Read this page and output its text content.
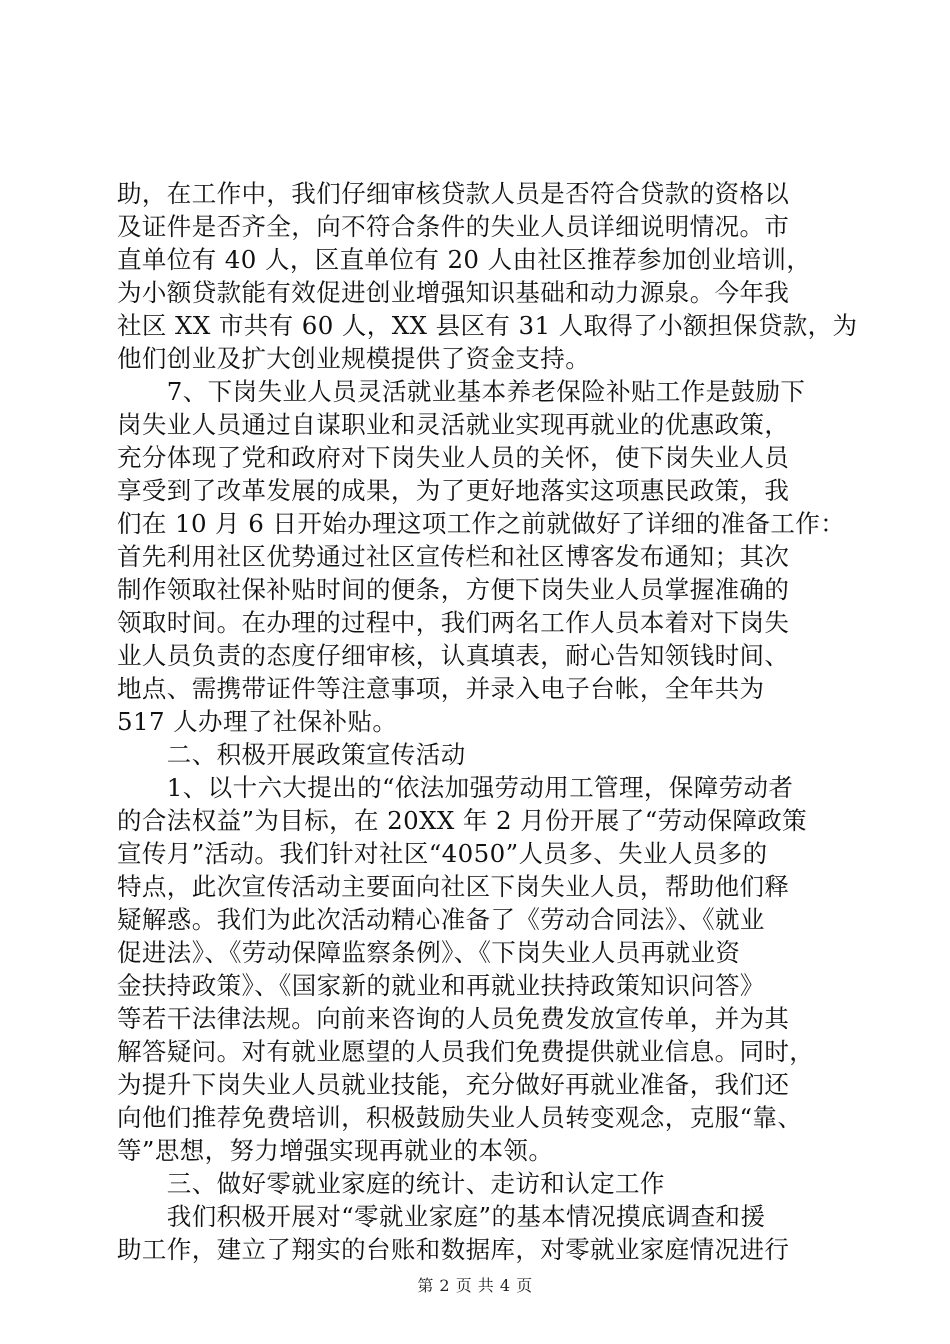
助，在工作中，我们仔细审核贷款人员是否符合贷款的资格以
及证件是否齐全，向不符合条件的失业人员详细说明情况。市
直单位有 40 人，区直单位有 20 人由社区推荐参加创业培训，
为小额贷款能有效促进创业增强知识基础和动力源泉。今年我
社区 XX 市共有 60 人，XX 县区有 31 人取得了小额担保贷款，为
他们创业及扩大创业规模提供了资金支持。
　　7、下岗失业人员灵活就业基本养老保险补贴工作是鼓励下
岗失业人员通过自谋职业和灵活就业实现再就业的优惠政策，
充分体现了党和政府对下岗失业人员的关怀，使下岗失业人员
享受到了改革发展的成果，为了更好地落实这项惠民政策，我
们在 10 月 6 日开始办理这项工作之前就做好了详细的准备工作：
首先利用社区优势通过社区宣传栏和社区博客发布通知；其次
制作领取社保补贴时间的便条，方便下岗失业人员掌握准确的
领取时间。在办理的过程中，我们两名工作人员本着对下岗失
业人员负责的态度仔细审核，认真填表，耐心告知领钱时间、
地点、需携带证件等注意事项，并录入电子台帐，全年共为
517 人办理了社保补贴。
　　二、积极开展政策宣传活动
　　1、以十六大提出的“依法加强劳动用工管理，保障劳动者
的合法权益”为目标，在 20XX 年 2 月份开展了“劳动保障政策
宣传月”活动。我们针对社区“4050”人员多、失业人员多的
特点，此次宣传活动主要面向社区下岗失业人员，帮助他们释
疑解惑。我们为此次活动精心准备了《劳动合同法》、《就业
促进法》、《劳动保障监察条例》、《下岗失业人员再就业资
金扶持政策》、《国家新的就业和再就业扶持政策知识问答》
等若干法律法规。向前来咨询的人员免费发放宣传单，并为其
解答疑问。对有就业愿望的人员我们免费提供就业信息。同时，
为提升下岗失业人员就业技能，充分做好再就业准备，我们还
向他们推荐免费培训，积极鼓励失业人员转变观念，克服“靠、
等”思想，努力增强实现再就业的本领。
　　三、做好零就业家庭的统计、走访和认定工作
　　我们积极开展对“零就业家庭”的基本情况摸底调查和援
助工作，建立了翔实的台账和数据库，对零就业家庭情况进行
第 2 页 共 4 页
